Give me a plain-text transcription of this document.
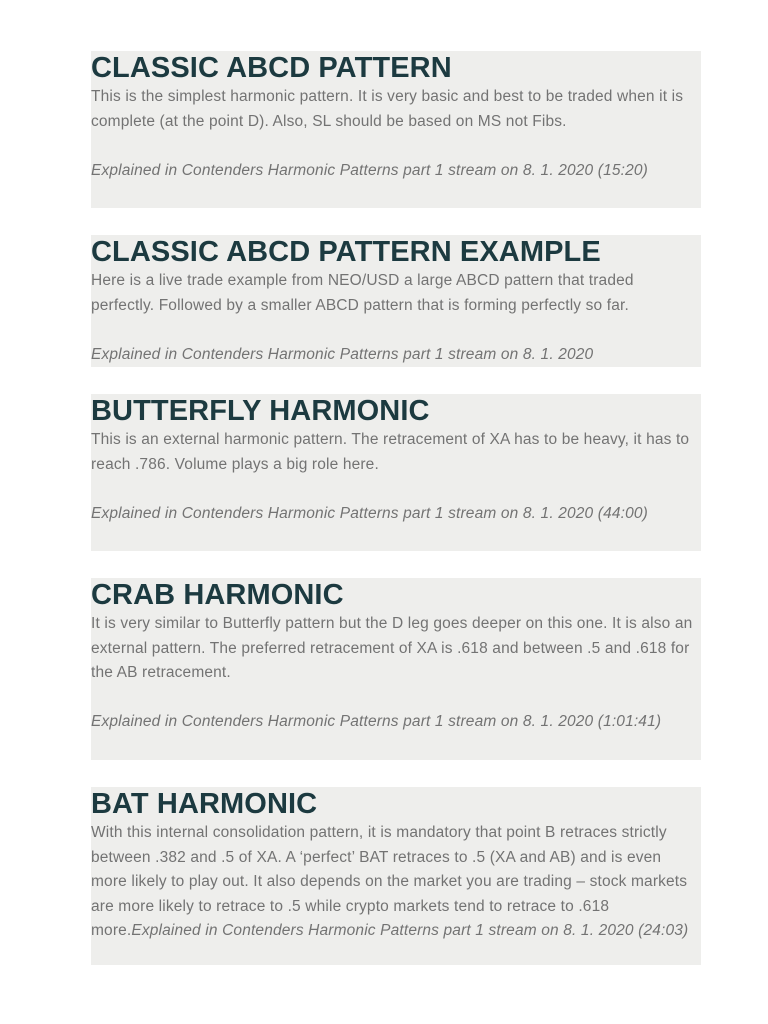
CLASSIC ABCD PATTERN

This is the simplest harmonic pattern. It is very basic and best to be traded when it is complete (at the point D). Also, SL should be based on MS not Fibs.

Explained in Contenders Harmonic Patterns part 1 stream on 8. 1. 2020 (15:20)

CLASSIC ABCD PATTERN EXAMPLE

Here is a live trade example from NEO/USD a large ABCD pattern that traded perfectly. Followed by a smaller ABCD pattern that is forming perfectly so far.

Explained in Contenders Harmonic Patterns part 1 stream on 8. 1. 2020

BUTTERFLY HARMONIC

This is an external harmonic pattern. The retracement of XA has to be heavy, it has to reach .786. Volume plays a big role here.

Explained in Contenders Harmonic Patterns part 1 stream on 8. 1. 2020 (44:00)

CRAB HARMONIC

It is very similar to Butterfly pattern but the D leg goes deeper on this one. It is also an external pattern. The preferred retracement of XA is .618 and between .5 and .618 for the AB retracement.

Explained in Contenders Harmonic Patterns part 1 stream on 8. 1. 2020 (1:01:41)

BAT HARMONIC

With this internal consolidation pattern, it is mandatory that point B retraces strictly between .382 and .5 of XA. A ‘perfect’ BAT retraces to .5 (XA and AB) and is even more likely to play out. It also depends on the market you are trading – stock markets are more likely to retrace to .5 while crypto markets tend to retrace to .618 more.Explained in Contenders Harmonic Patterns part 1 stream on 8. 1. 2020 (24:03)
